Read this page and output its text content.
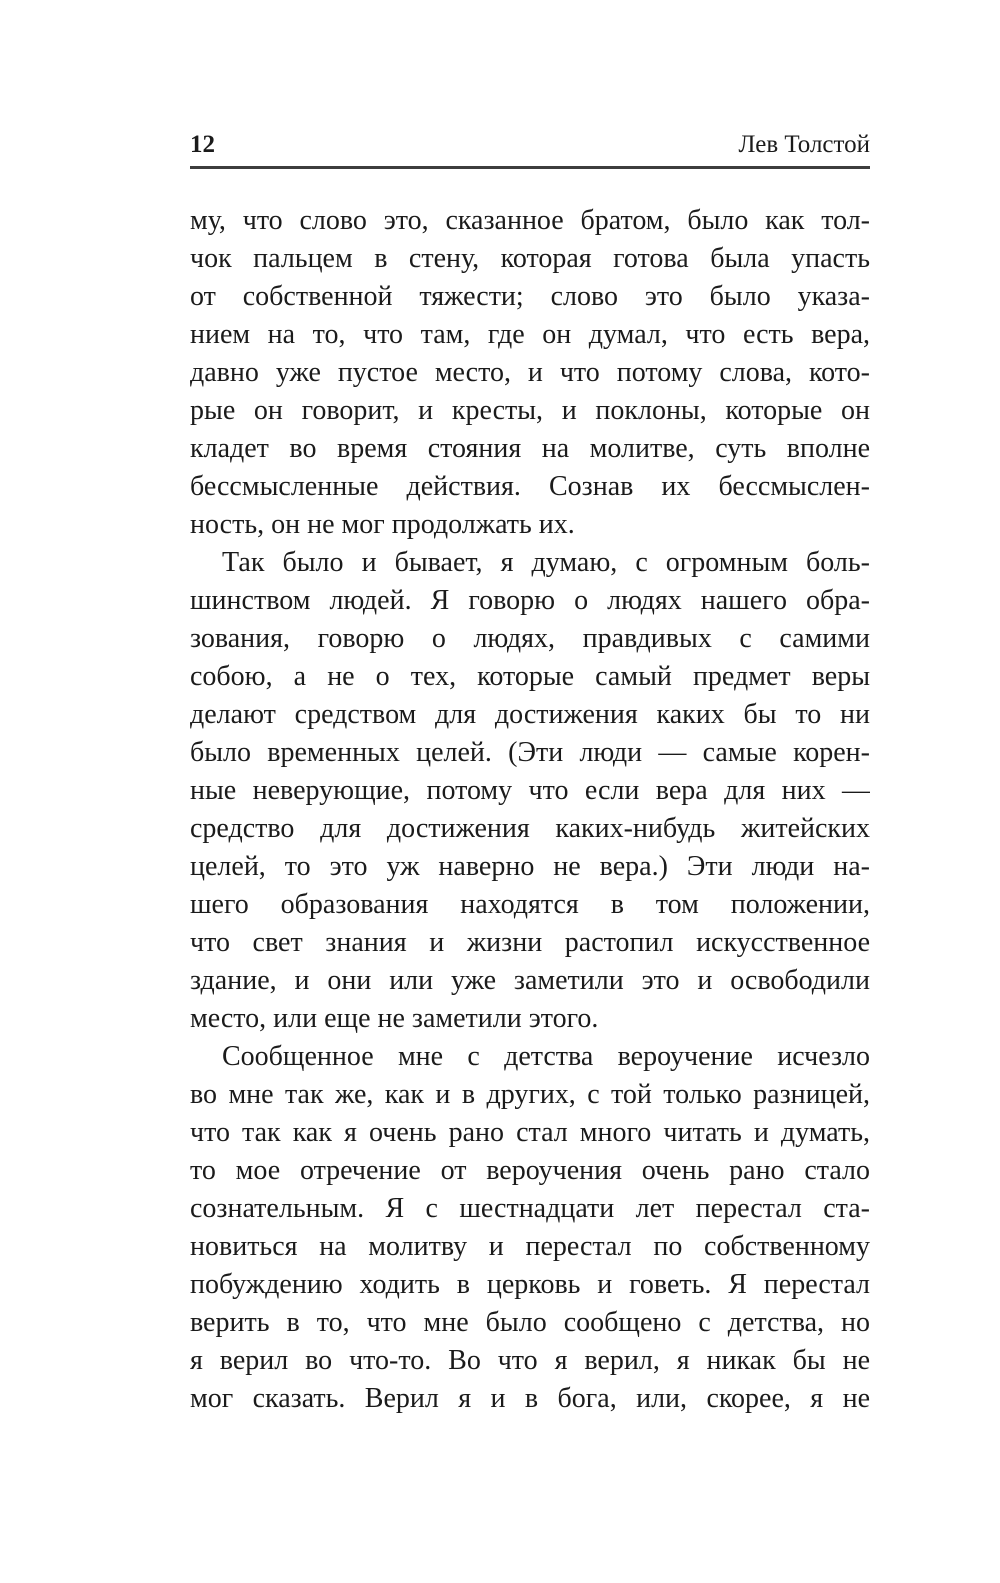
12	Лев Толстой
му, что слово это, сказанное братом, было как тол-
чок пальцем в стену, которая готова была упасть
от собственной тяжести; слово это было указа-
нием на то, что там, где он думал, что есть вера,
давно уже пустое место, и что потому слова, кото-
рые он говорит, и кресты, и поклоны, которые он
кладет во время стояния на молитве, суть вполне
бессмысленные действия. Сознав их бессмыслен-
ность, он не мог продолжать их.
Так было и бывает, я думаю, с огромным боль-
шинством людей. Я говорю о людях нашего обра-
зования, говорю о людях, правдивых с самими
собою, а не о тех, которые самый предмет веры
делают средством для достижения каких бы то ни
было временных целей. (Эти люди — самые корен-
ные неверующие, потому что если вера для них —
средство для достижения каких-нибудь житейских
целей, то это уж наверно не вера.) Эти люди на-
шего образования находятся в том положении,
что свет знания и жизни растопил искусственное
здание, и они или уже заметили это и освободили
место, или еще не заметили этого.
Сообщенное мне с детства вероучение исчезло
во мне так же, как и в других, с той только разницей,
что так как я очень рано стал много читать и думать,
то мое отречение от вероучения очень рано стало
сознательным. Я с шестнадцати лет перестал ста-
новиться на молитву и перестал по собственному
побуждению ходить в церковь и говеть. Я перестал
верить в то, что мне было сообщено с детства, но
я верил во что-то. Во что я верил, я никак бы не
мог сказать. Верил я и в бога, или, скорее, я не
